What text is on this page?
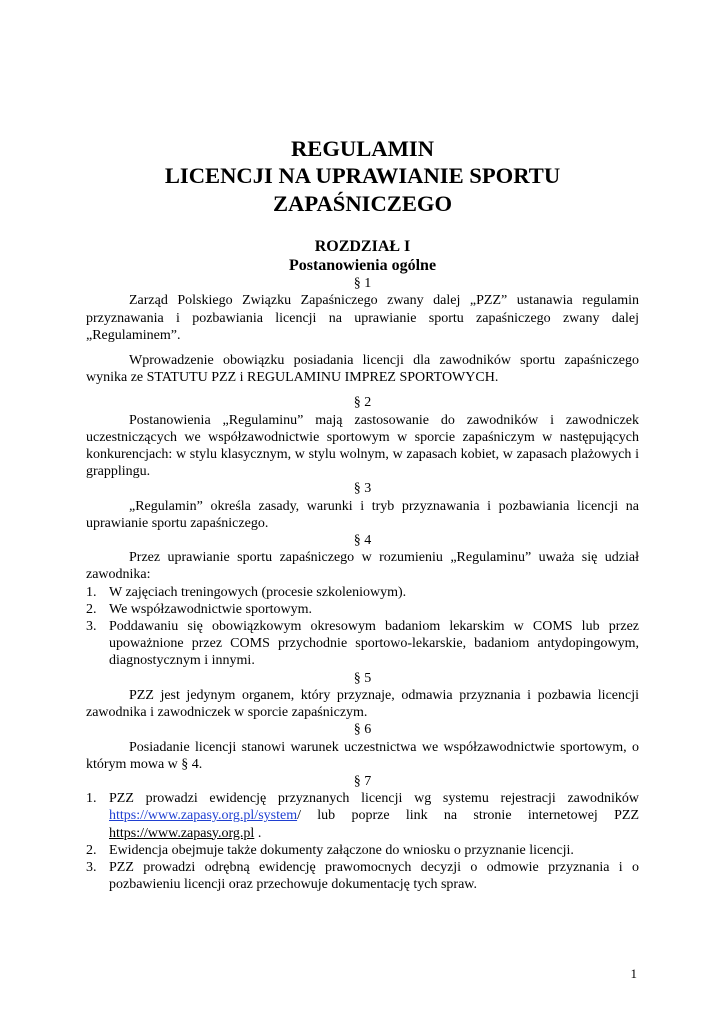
REGULAMIN
LICENCJI NA UPRAWIANIE SPORTU
ZAPAŚNICZEGO
ROZDZIAŁ I
Postanowienia ogólne
§ 1

Zarząd Polskiego Związku Zapaśniczego zwany dalej „PZZ” ustanawia regulamin przyznawania i pozbawiania licencji na uprawianie sportu zapaśniczego zwany dalej „Regulaminem”.

Wprowadzenie obowiązku posiadania licencji dla zawodników sportu zapaśniczego wynika ze STATUTU PZZ i REGULAMINU IMPREZ SPORTOWYCH.

§ 2

Postanowienia „Regulaminu” mają zastosowanie do zawodników i zawodniczek uczestniczących we współzawodnictwie sportowym w sporcie zapaśniczym w następujących konkurencjach: w stylu klasycznym, w stylu wolnym, w zapasach kobiet, w zapasach plażowych i grapplingu.

§ 3

„Regulamin” określa zasady, warunki i tryb przyznawania i pozbawiania licencji na uprawianie sportu zapaśniczego.

§ 4

Przez uprawianie sportu zapaśniczego w rozumieniu „Regulaminu” uważa się udział zawodnika:

1. W zajęciach treningowych (procesie szkoleniowym).
2. We współzawodnictwie sportowym.
3. Poddawaniu się obowiązkowym okresowym badaniom lekarskim w COMS lub przez upoważnione przez COMS przychodnie sportowo-lekarskie, badaniom antydopingowym, diagnostycznym i innymi.
§ 5

PZZ jest jedynym organem, który przyznaje, odmawia przyznania i pozbawia licencji zawodnika i zawodniczek w sporcie zapaśniczym.

§ 6

Posiadanie licencji stanowi warunek uczestnictwa we współzawodnictwie sportowym, o którym mowa w § 4.

§ 7
1. PZZ prowadzi ewidencję przyznanych licencji wg systemu rejestracji zawodników https://www.zapasy.org.pl/system/ lub poprze link na stronie internetowej PZZ https://www.zapasy.org.pl .
2. Ewidencja obejmuje także dokumenty załączone do wniosku o przyznanie licencji.
3. PZZ prowadzi odrębną ewidencję prawomocnych decyzji o odmowie przyznania i o pozbawieniu licencji oraz przechowuje dokumentację tych spraw.
1
